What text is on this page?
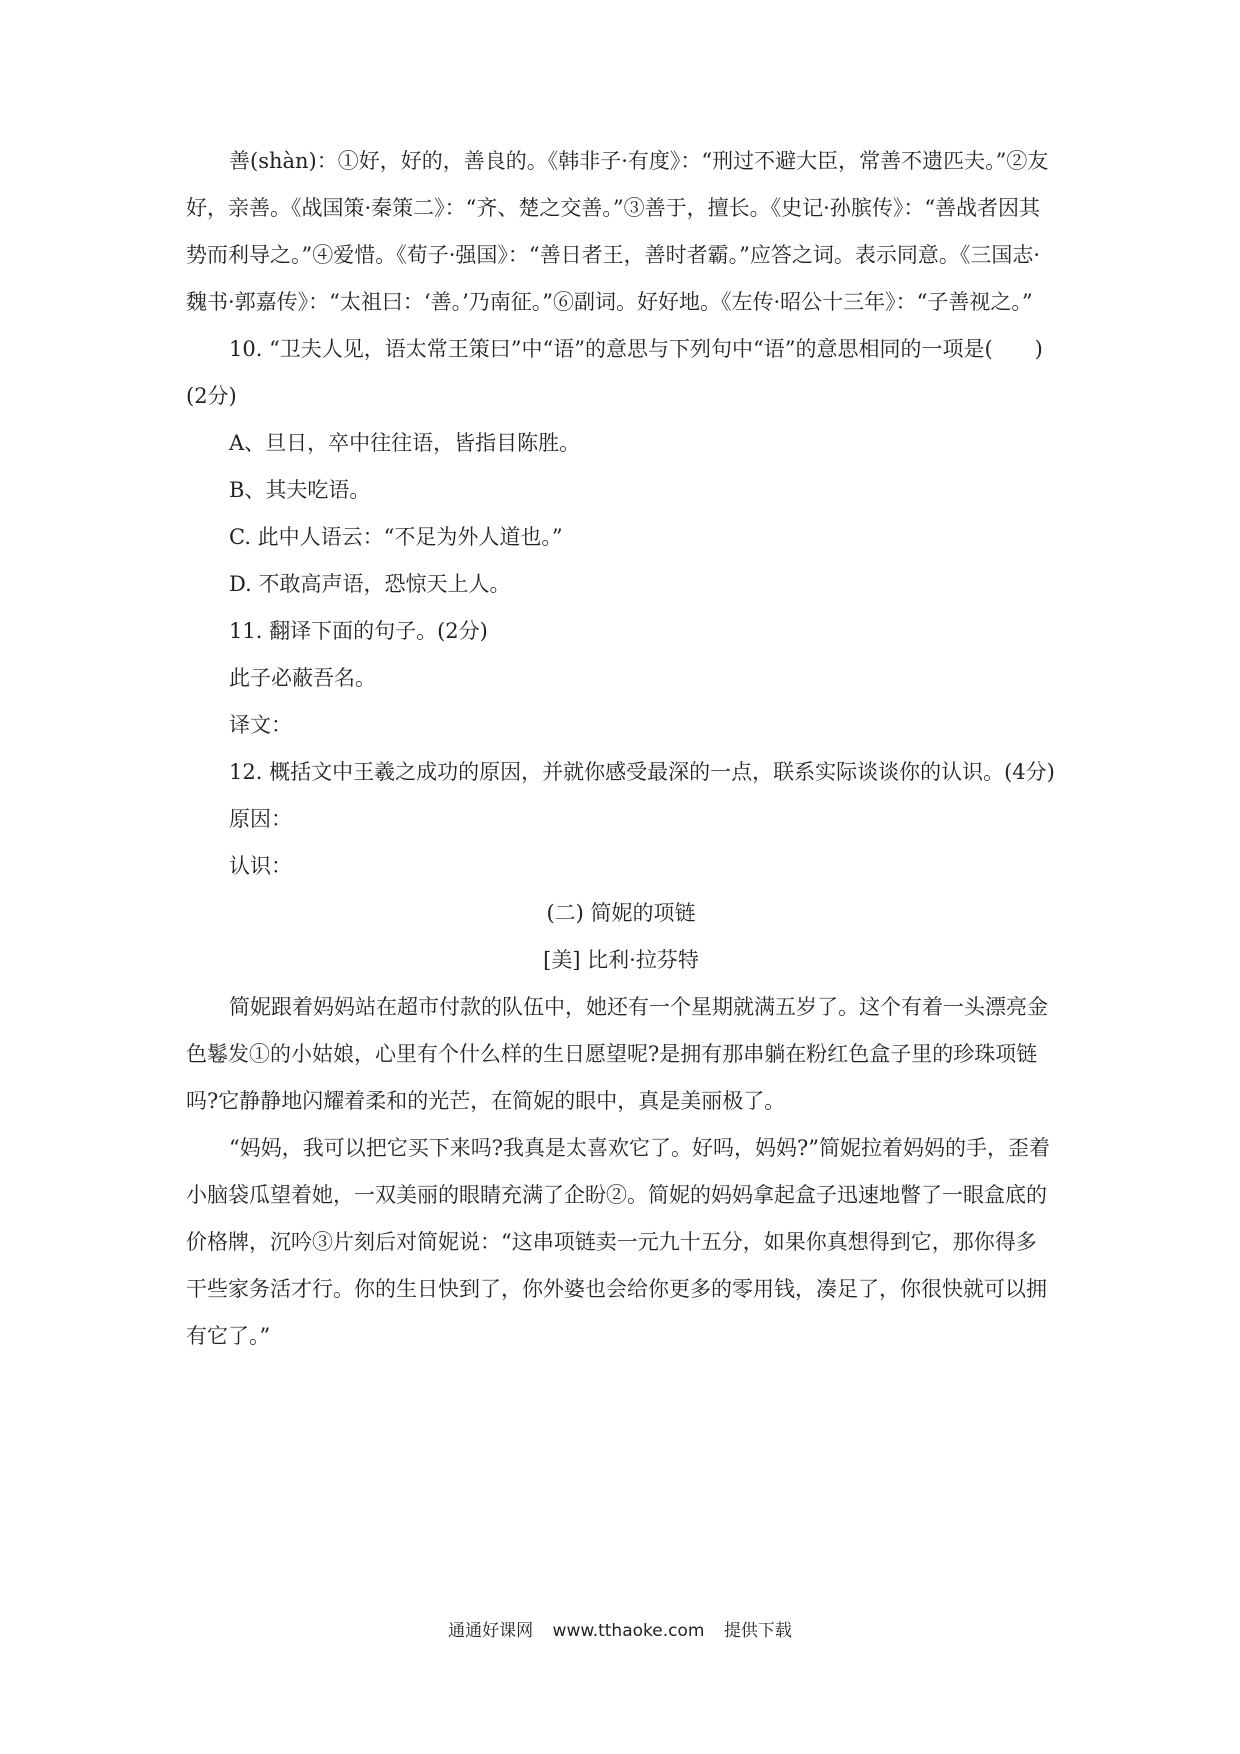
善(shàn)：①好，好的，善良的。《韩非子·有度》：“刑过不避大臣，常善不遗匹夫。”②友好，亲善。《战国策·秦策二》：“齐、楚之交善。”③善于，擅长。《史记·孙膑传》：“善战者因其势而利导之。”④爱惜。《荀子·强国》：“善日者王，善时者霸。”应答之词。表示同意。《三国志·魏书·郭嘉传》：“太祖曰：‘善。’乃南征。”⑥副词。好好地。《左传·昭公十三年》：“子善视之。”

10. “卫夫人见，语太常王策曰”中“语”的意思与下列句中“语”的意思相同的一项是(　　)(2分)

A、旦日，卒中往往语，皆指目陈胜。

B、其夫吃语。

C. 此中人语云：“不足为外人道也。”

D. 不敢高声语，恐惊天上人。

11. 翻译下面的句子。(2分)

此子必蔽吾名。

译文：

12. 概括文中王羲之成功的原因，并就你感受最深的一点，联系实际谈谈你的认识。(4分)

原因：

认识：

(二) 简妮的项链

[美] 比利·拉芬特

简妮跟着妈妈站在超市付款的队伍中，她还有一个星期就满五岁了。这个有着一头漂亮金色鬈发①的小姑娘，心里有个什么样的生日愿望呢?是拥有那串躺在粉红色盒子里的珍珠项链吗?它静静地闪耀着柔和的光芒，在简妮的眼中，真是美丽极了。

“妈妈，我可以把它买下来吗?我真是太喜欢它了。好吗，妈妈?”简妮拉着妈妈的手，歪着小脑袋瓜望着她，一双美丽的眼睛充满了企盼②。简妮的妈妈拿起盒子迅速地瞥了一眼盒底的价格牌，沉吟③片刻后对简妮说：“这串项链卖一元九十五分，如果你真想得到它，那你得多干些家务活才行。你的生日快到了，你外婆也会给你更多的零用钱，凑足了，你很快就可以拥有它了。”

通通好课网 www.tthaoke.com 提供下载
